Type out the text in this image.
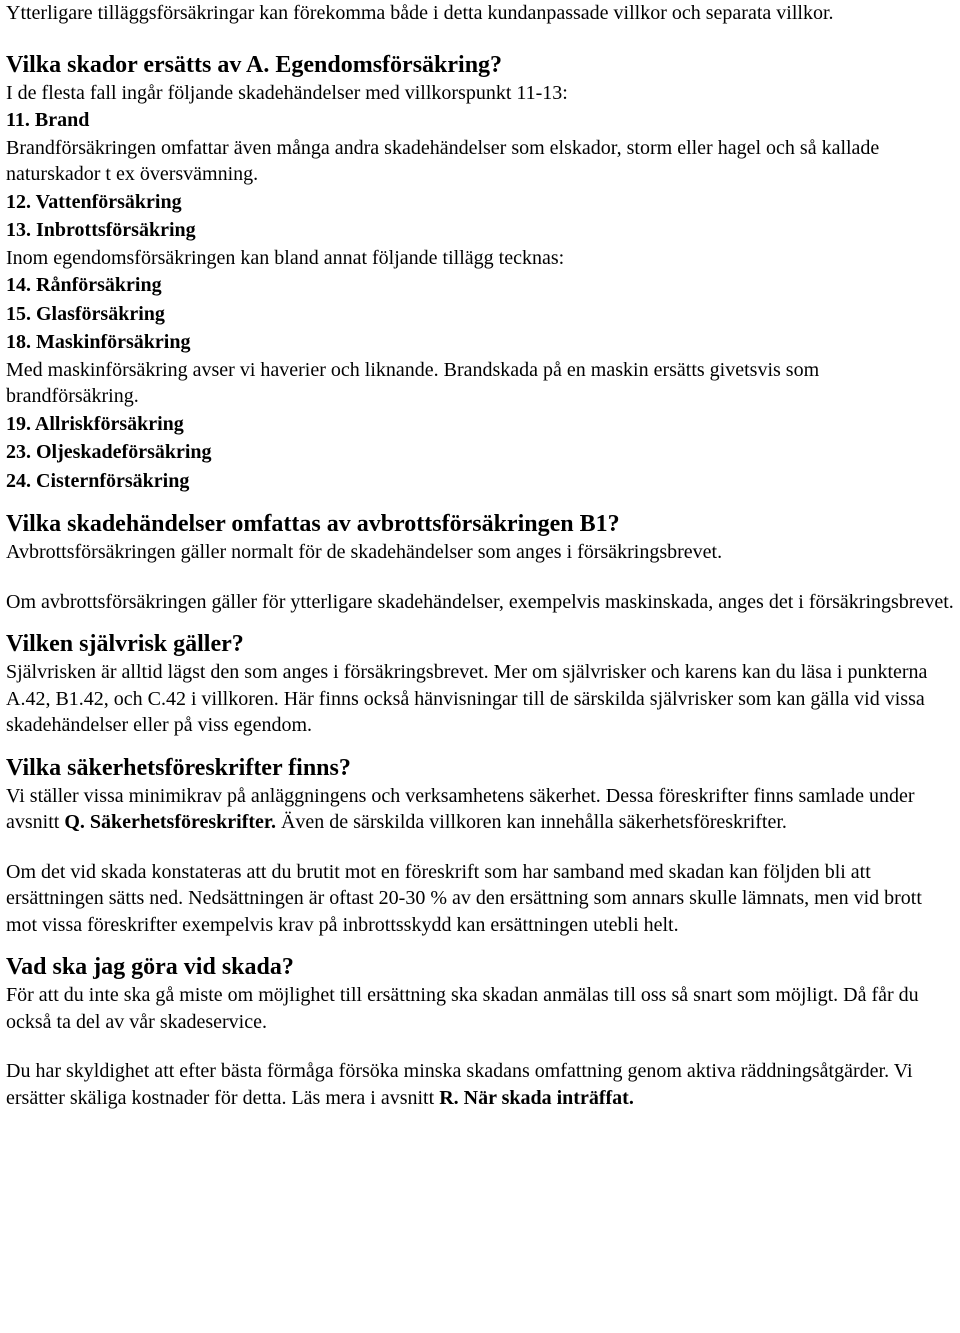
Ytterligare tilläggsförsäkringar kan förekomma både i detta kundanpassade villkor och separata villkor.

Vilka skador ersätts av A. Egendomsförsäkring?

I de flesta fall ingår följande skadehändelser med villkorspunkt 11-13:

11. Brand

Brandförsäkringen omfattar även många andra skadehändelser som elskador, storm eller hagel och så kallade naturskador t ex översvämning.

12. Vattenförsäkring

13. Inbrottsförsäkring

Inom egendomsförsäkringen kan bland annat följande tillägg tecknas:

14. Rånförsäkring

15. Glasförsäkring

18. Maskinförsäkring

Med maskinförsäkring avser vi haverier och liknande. Brandskada på en maskin ersätts givetsvis som brandförsäkring.

19. Allriskförsäkring

23. Oljeskadeförsäkring

24. Cisternförsäkring

Vilka skadehändelser omfattas av avbrottsförsäkringen B1?

Avbrottsförsäkringen gäller normalt för de skadehändelser som anges i försäkringsbrevet.

Om avbrottsförsäkringen gäller för ytterligare skadehändelser, exempelvis maskinskada, anges det i försäkringsbrevet.

Vilken självrisk gäller?

Självrisken är alltid lägst den som anges i försäkringsbrevet. Mer om självrisker och karens kan du läsa i punkterna A.42, B1.42, och C.42 i villkoren. Här finns också hänvisningar till de särskilda självrisker som kan gälla vid vissa skadehändelser eller på viss egendom.

Vilka säkerhetsföreskrifter finns?

Vi ställer vissa minimikrav på anläggningens och verksamhetens säkerhet. Dessa föreskrifter finns samlade under avsnitt Q. Säkerhetsföreskrifter. Även de särskilda villkoren kan innehålla säkerhetsföreskrifter.

Om det vid skada konstateras att du brutit mot en föreskrift som har samband med skadan kan följden bli att ersättningen sätts ned. Nedsättningen är oftast 20-30 % av den ersättning som annars skulle lämnats, men vid brott mot vissa föreskrifter exempelvis krav på inbrottsskydd kan ersättningen utebli helt.

Vad ska jag göra vid skada?

För att du inte ska gå miste om möjlighet till ersättning ska skadan anmälas till oss så snart som möjligt. Då får du också ta del av vår skadeservice.

Du har skyldighet att efter bästa förmåga försöka minska skadans omfattning genom aktiva räddningsåtgärder. Vi ersätter skäliga kostnader för detta. Läs mera i avsnitt R. När skada inträffat.
